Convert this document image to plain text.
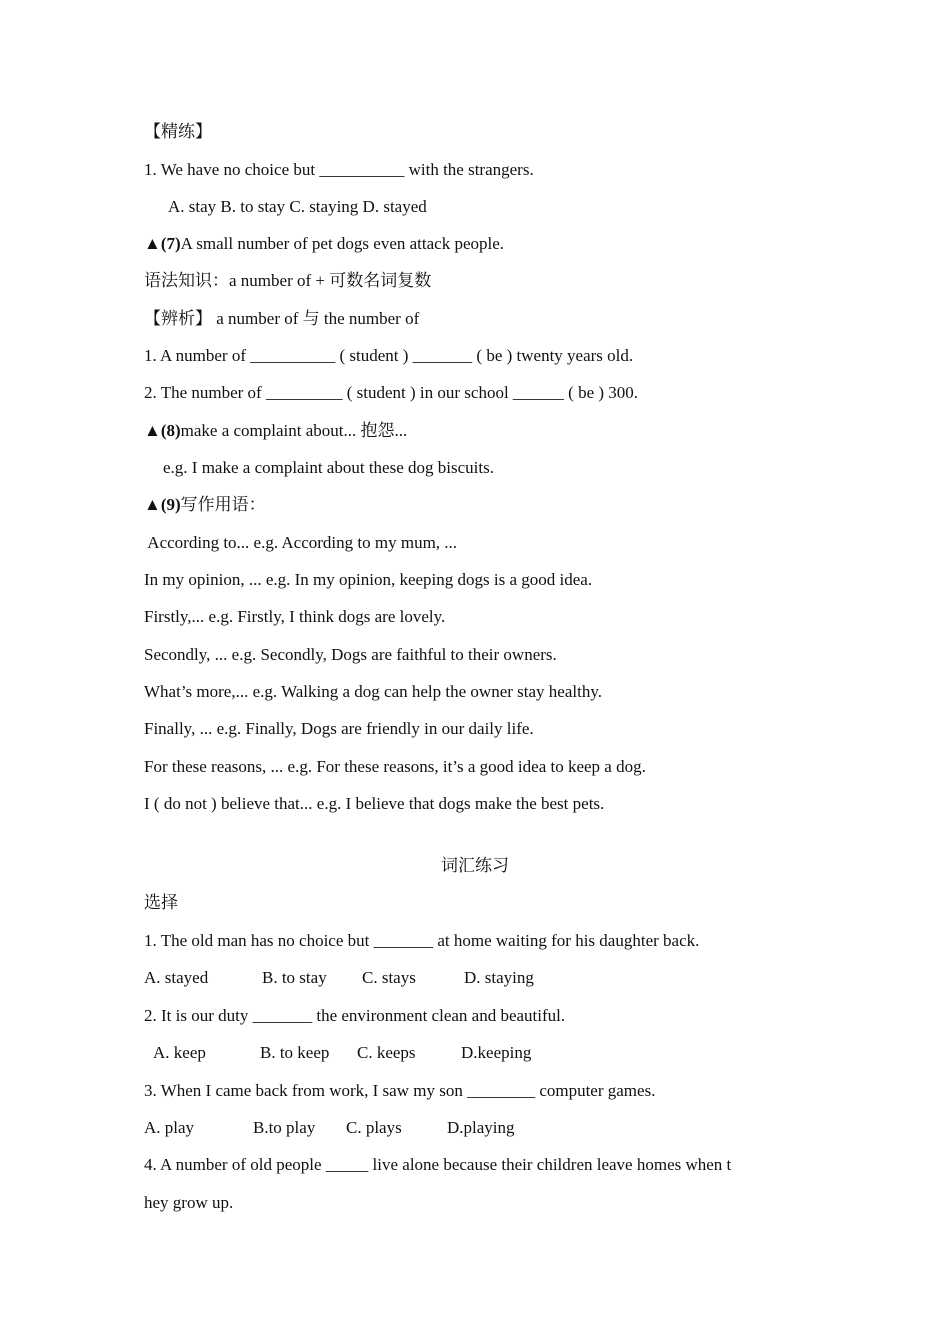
【精练】
1. We have no choice but __________ with the strangers.
A. stay B. to stay C. staying D. stayed
▲(7)A small number of pet dogs even attack people.
语法知识：a number of + 可数名词复数
【辨析】 a number of 与 the number of
1. A number of __________ ( student ) _______ ( be ) twenty years old.
2. The number of _________ ( student ) in our school ______ ( be ) 300.
▲(8)make a complaint about... 抱怨...
e.g. I make a complaint about these dog biscuits.
▲(9)写作用语：
According to... e.g. According to my mum, ...
In my opinion, ... e.g. In my opinion, keeping dogs is a good idea.
Firstly,... e.g. Firstly, I think dogs are lovely.
Secondly, ... e.g. Secondly, Dogs are faithful to their owners.
What’s more,... e.g. Walking a dog can help the owner stay healthy.
Finally, ... e.g. Finally, Dogs are friendly in our daily life.
For these reasons, ... e.g. For these reasons, it’s a good idea to keep a dog.
I ( do not ) believe that... e.g. I believe that dogs make the best pets.
词汇练习
选择
1. The old man has no choice but _______ at home waiting for his daughter back.
A. stayed	B. to stay C. stays	D. staying
2. It is our duty _______ the environment clean and beautiful.
A. keep	B. to keep C. keeps	D.keeping
3. When I came back from work, I saw my son ________ computer games.
A. play	B.to play C. plays	D.playing
4. A number of old people _____ live alone because their children leave homes when t
hey grow up.
